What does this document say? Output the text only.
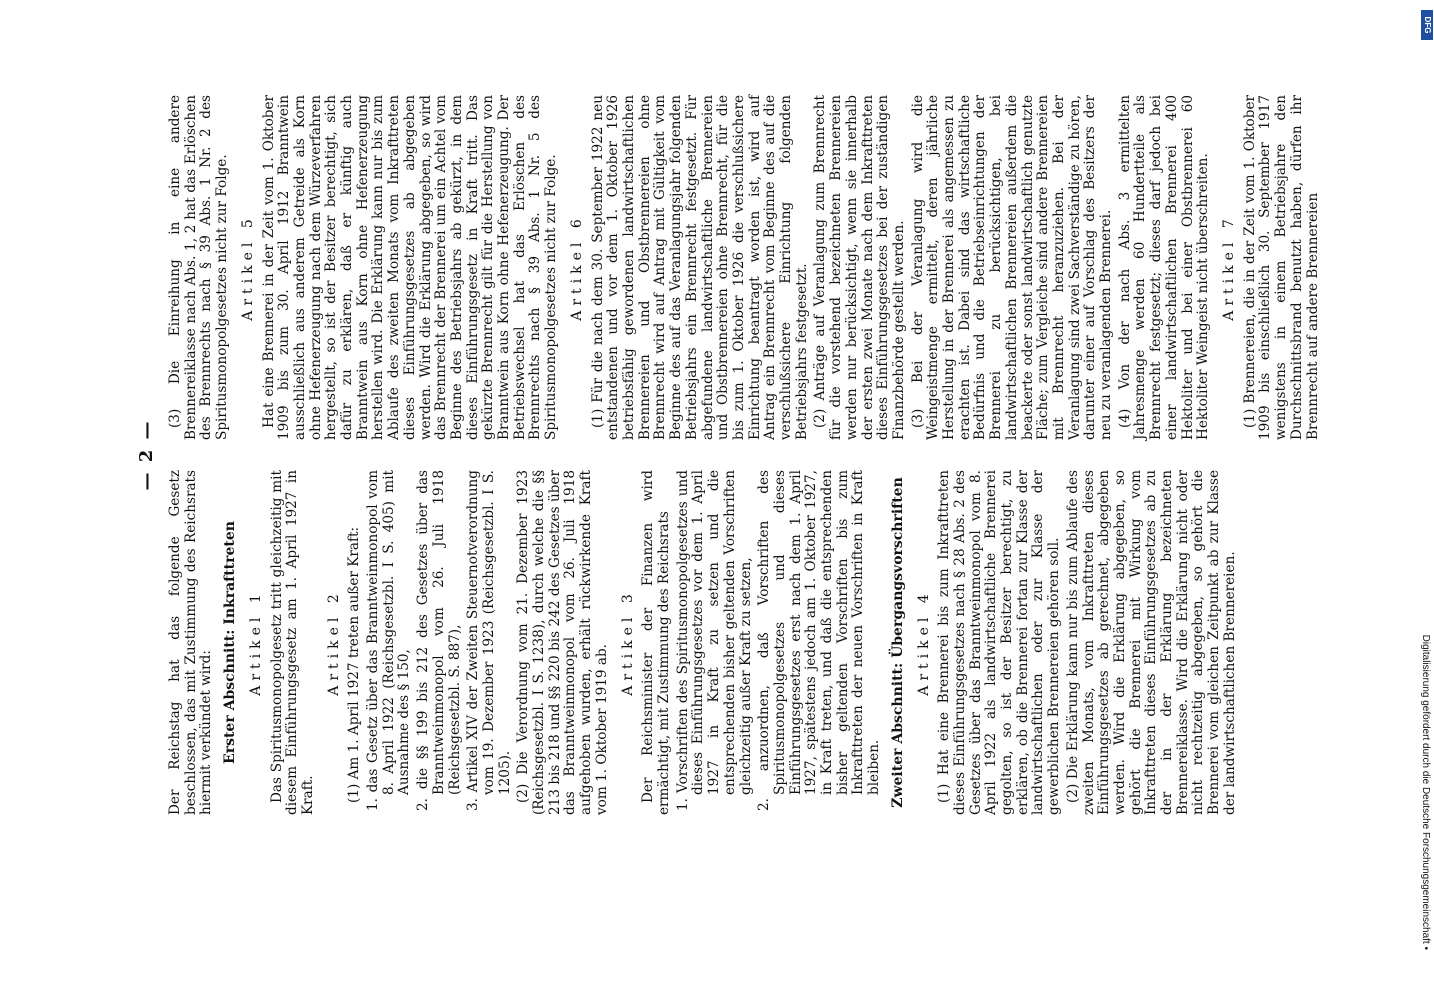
— 2 —

Der Reichstag hat das folgende Gesetz beschlossen, das mit Zustimmung des Reichsrats hiermit verkündet wird: Erster Abschnitt: Inkrafttreten Artikel 1 Das Spiritusmonopolgesetz tritt gleichzeitig mit diesem Einführungsgesetz am 1. April 1927 in Kraft.

Artikel 2 (1) Am 1. April 1927 treten außer Kraft: 1. das Gesetz über das Branntweinmonopol vom 8. April 1922 (Reichsgesetzbl. I S. 405) mit Ausnahme des § 150, 2. die §§ 199 bis 212 des Gesetzes über das Branntweinmonopol vom 26. Juli 1918 (Reichsgesetzbl. S. 887), 3. Artikel XIV der Zweiten Steuernotverordnung vom 19. Dezember 1923 (Reichsgesetzbl. I S. 1205). (2) Die Verordnung vom 21. Dezember 1923 (Reichsgesetzbl. I S. 1238), durch welche die §§ 213 bis 218 und §§ 220 bis 242 des Gesetzes über das Branntweinmonopol vom 26. Juli 1918 aufgehoben wurden, erhält rückwirkende Kraft vom 1. Oktober 1919 ab.

Artikel 3 Der Reichsminister der Finanzen wird ermächtigt, mit Zustimmung des Reichsrats 1. Vorschriften des Spiritusmonopolgesetzes und dieses Einführungsgesetzes vor dem 1. April 1927 in Kraft zu setzen und die entsprechenden bisher geltenden Vorschriften gleichzeitig außer Kraft zu setzen, 2. anzuordnen, daß Vorschriften des Spiritusmonopolgesetzes und dieses Einführungsgesetzes erst nach dem 1. April 1927, spätestens jedoch am 1. Oktober 1927, in Kraft treten, und daß die entsprechenden bisher geltenden Vorschriften bis zum Inkrafttreten der neuen Vorschriften in Kraft bleiben. Zweiter Abschnitt: Übergangsvorschriften Artikel 4 (1) Hat eine Brennerei bis zum Inkrafttreten dieses Einführungsgesetzes nach § 28 Abs. 2 des Gesetzes über das Branntweinmonopol vom 8. April 1922 als landwirtschaftliche Brennerei gegolten, so ist der Besitzer berechtigt, zu erklären, ob die Brennerei fortan zur Klasse der landwirtschaftlichen oder zur Klasse der gewerblichen Brennereien gehören soll. (2) Die Erklärung kann nur bis zum Ablaufe des zweiten Monats, vom Inkrafttreten dieses Einführungsgesetzes ab gerechnet, abgegeben werden. Wird die Erklärung abgegeben, so gehört die Brennerei mit Wirkung vom Inkrafttreten dieses Einführungsgesetzes ab zu der in der Erklärung bezeichneten Brennereiklasse. Wird die Erklärung nicht oder nicht rechtzeitig abgegeben, so gehört die Brennerei vom gleichen Zeitpunkt ab zur Klasse der landwirtschaftlichen Brennereien.

(3) Die Einreihung in eine andere Brennereiklasse nach Abs. 1, 2 hat das Erlöschen des Brennrechts nach § 39 Abs. 1 Nr. 2 des Spiritusmonopolgesetzes nicht zur Folge. Artikel 5 Hat eine Brennerei in der Zeit vom 1. Oktober 1909 bis zum 30. April 1912 Branntwein ausschließlich aus anderem Getreide als Korn ohne Hefenerzeugung nach dem Würzeverfahren hergestellt, so ist der Besitzer berechtigt, sich dafür zu erklären, daß er künftig auch Branntwein aus Korn ohne Hefenerzeugung herstellen wird. Die Erklärung kann nur bis zum Ablaufe des zweiten Monats vom Inkrafttreten dieses Einführungsgesetzes ab abgegeben werden. Wird die Erklärung abgegeben, so wird das Brennrecht der Brennerei um ein Achtel vom Beginne des Betriebsjahrs ab gekürzt, in dem dieses Einführungsgesetz in Kraft tritt. Das gekürzte Brennrecht gilt für die Herstellung von Branntwein aus Korn ohne Hefenerzeugung. Der Betriebswechsel hat das Erlöschen des Brennrechts nach § 39 Abs. 1 Nr. 5 des Spiritusmonopolgesetzes nicht zur Folge. Artikel 6 (1) Für die nach dem 30. September 1922 neu entstandenen und vor dem 1. Oktober 1926 betriebsfähig gewordenen landwirtschaftlichen Brennereien und Obstbrennereien ohne Brennrecht wird auf Antrag mit Gültigkeit vom Beginne des auf das Veranlagungsjahr folgenden Betriebsjahrs ein Brennrecht festgesetzt. Für abgefundene landwirtschaftliche Brennereien und Obstbrennereien ohne Brennrecht, für die bis zum 1. Oktober 1926 die verschlußsichere Einrichtung beantragt worden ist, wird auf Antrag ein Brennrecht vom Beginne des auf die verschlußsichere Einrichtung folgenden Betriebsjahrs festgesetzt. (2) Anträge auf Veranlagung zum Brennrecht für die vorstehend bezeichneten Brennereien werden nur berücksichtigt, wenn sie innerhalb der ersten zwei Monate nach dem Inkrafttreten dieses Einführungsgesetzes bei der zuständigen Finanzbehörde gestellt werden. (3) Bei der Veranlagung wird die Weingeistmenge ermittelt, deren jährliche Herstellung in der Brennerei als angemessen zu erachten ist. Dabei sind das wirtschaftliche Bedürfnis und die Betriebseinrichtungen der Brennerei zu berücksichtigen, bei landwirtschaftlichen Brennereien außerdem die beackerte oder sonst landwirtschaftlich genutzte Fläche; zum Vergleiche sind andere Brennereien mit Brennrecht heranzuziehen. Bei der Veranlagung sind zwei Sachverständige zu hören, darunter einer auf Vorschlag des Besitzers der neu zu veranlagenden Brennerei. (4) Von der nach Abs. 3 ermittelten Jahresmenge werden 60 Hundertteile als Brennrecht festgesetzt; dieses darf jedoch bei einer landwirtschaftlichen Brennerei 400 Hektoliter und bei einer Obstbrennerei 60 Hektoliter Weingeist nicht überschreiten. Artikel 7 (1) Brennereien, die in der Zeit vom 1. Oktober 1909 bis einschließlich 30. September 1917 wenigstens in einem Betriebsjahre den Durchschnittsbrand benutzt haben, dürfen ihr Brennrecht auf andere Brennereien

Digitalisierung gefördert durch die Deutsche Forschungsgemeinschaft •
DFG
